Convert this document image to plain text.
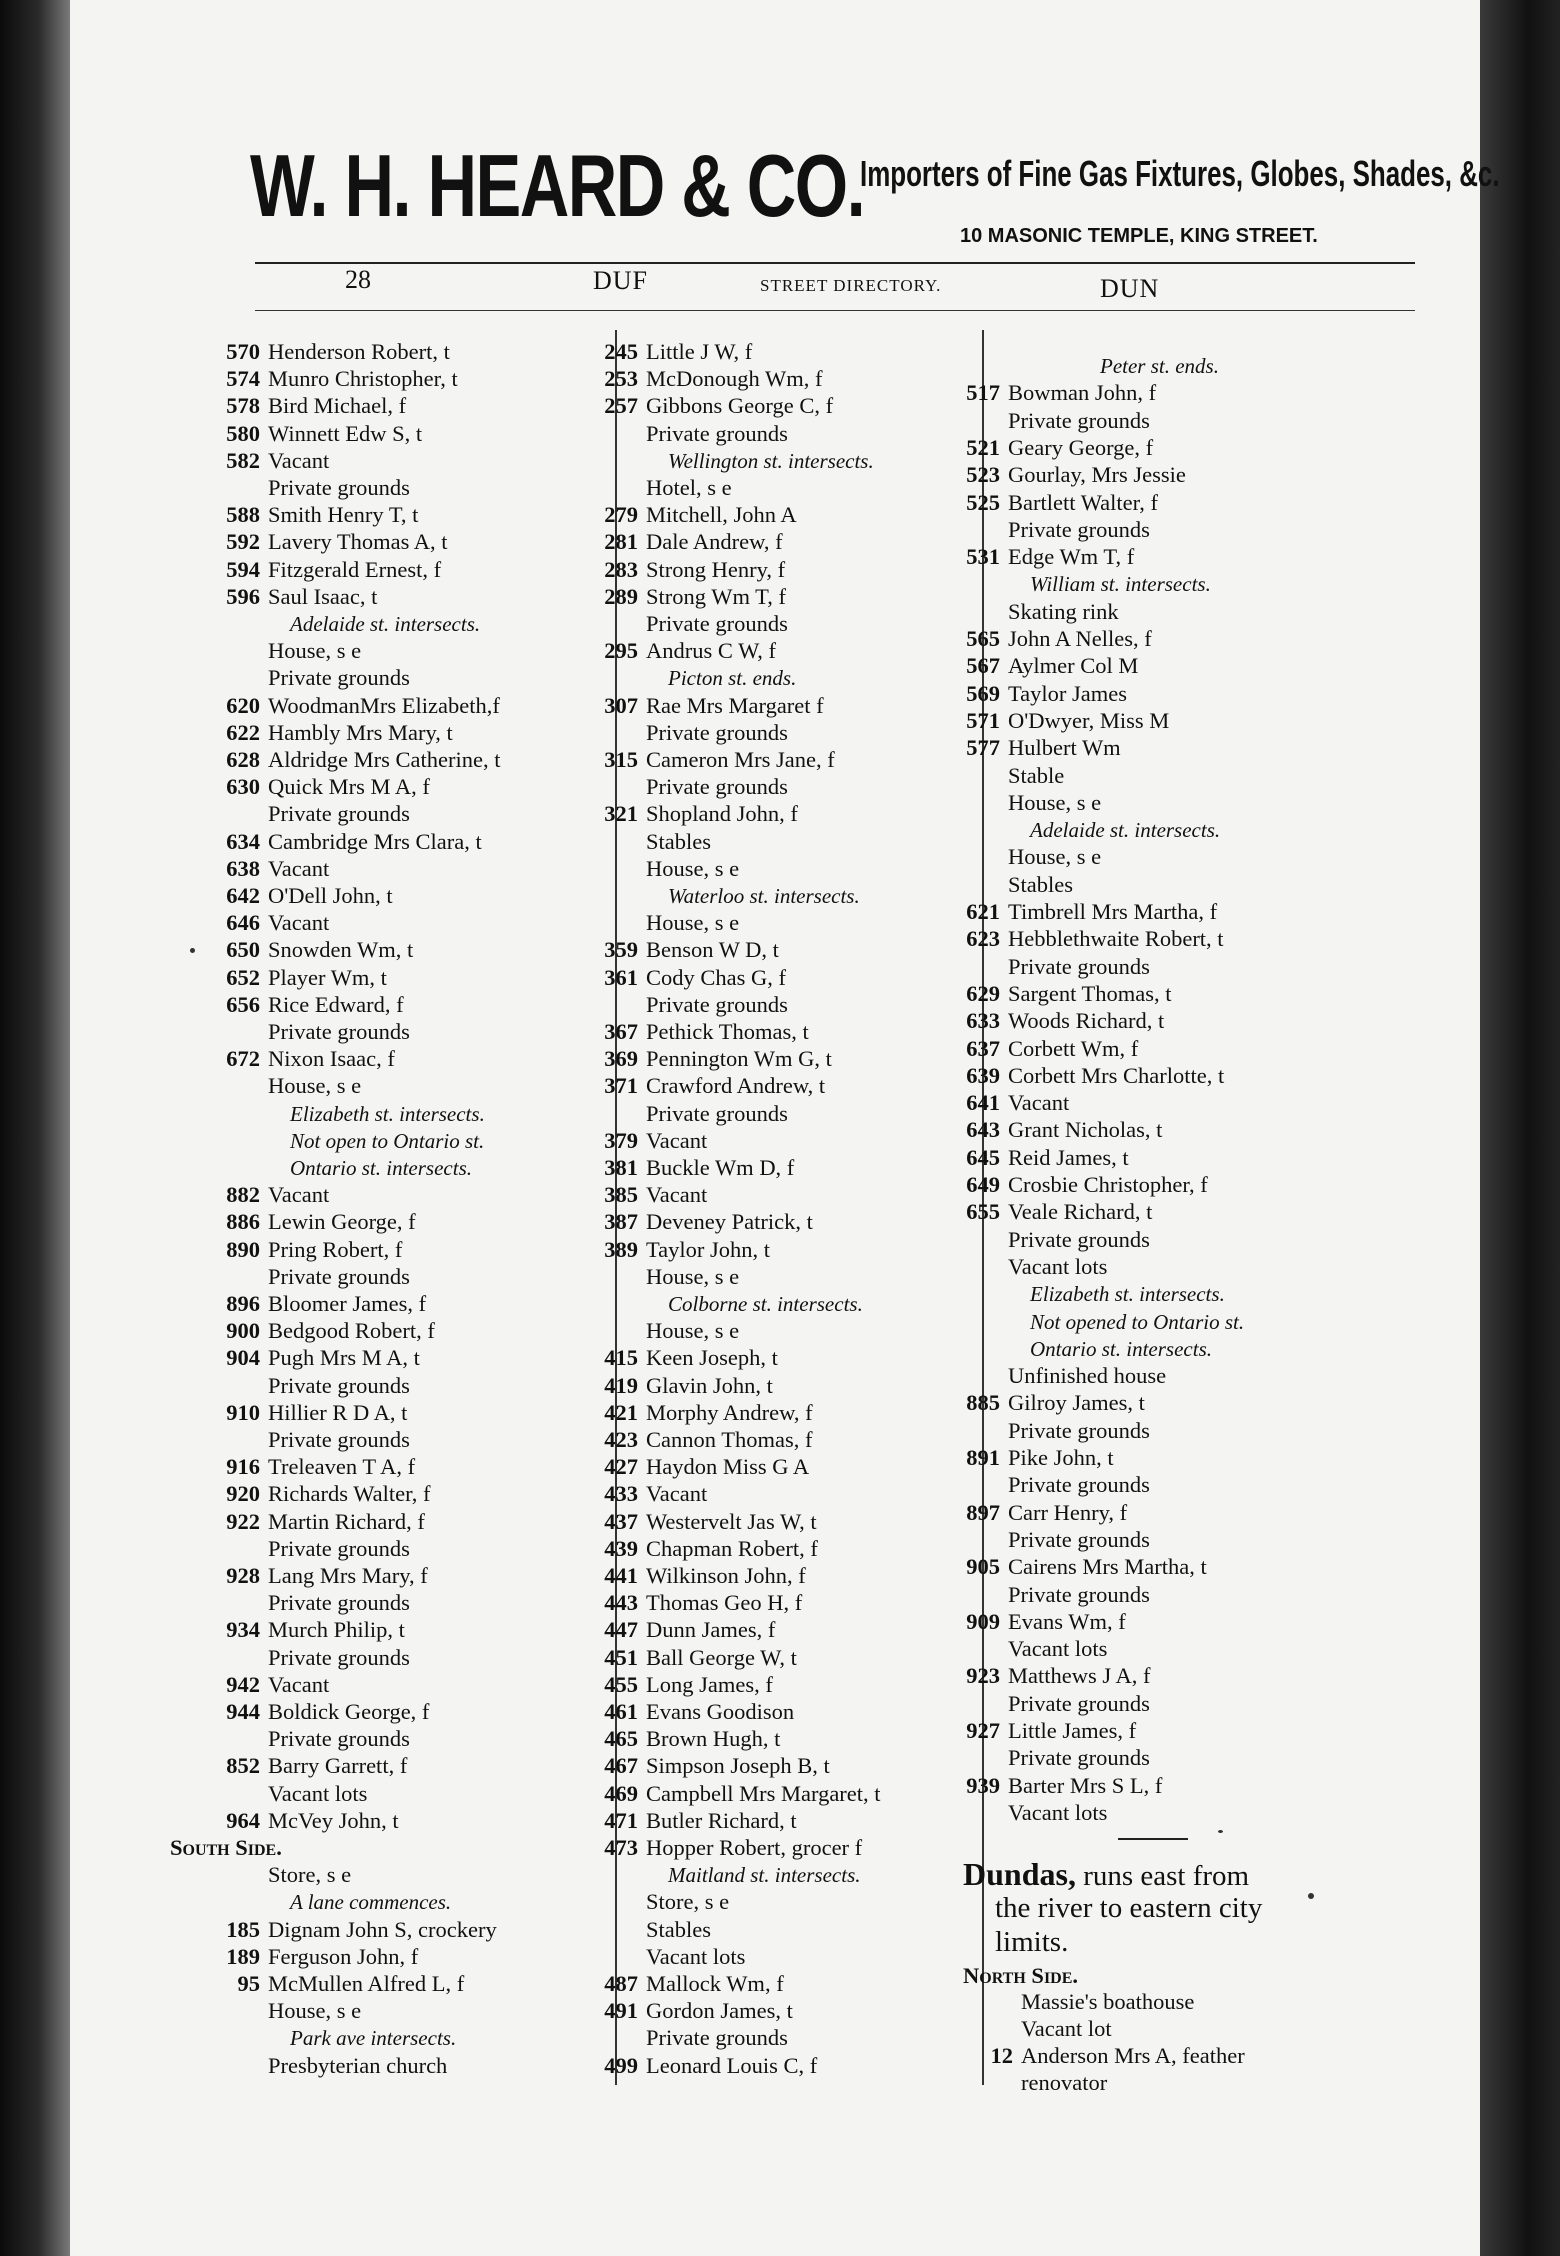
W. H. HEARD & CO.
Importers of Fine Gas Fixtures, Globes, Shades, &c.
10 MASONIC TEMPLE, KING STREET.
28	DUF	STREET DIRECTORY.	DUN
570 Henderson Robert, t
574 Munro Christopher, t
578 Bird Michael, f
580 Winnett Edw S, t
582 Vacant
Private grounds
588 Smith Henry T, t
592 Lavery Thomas A, t
594 Fitzgerald Ernest, f
596 Saul Isaac, t
Adelaide st. intersects.
House, s e
Private grounds
620 WoodmanMrs Elizabeth,f
622 Hambly Mrs Mary, t
628 Aldridge Mrs Catherine, t
630 Quick Mrs M A, f
Private grounds
634 Cambridge Mrs Clara, t
638 Vacant
642 O'Dell John, t
646 Vacant
650 Snowden Wm, t
652 Player Wm, t
656 Rice Edward, f
Private grounds
672 Nixon Isaac, f
House, s e
Elizabeth st. intersects.
Not open to Ontario st.
Ontario st. intersects.
882 Vacant
886 Lewin George, f
890 Pring Robert, f
Private grounds
896 Bloomer James, f
900 Bedgood Robert, f
904 Pugh Mrs M A, t
Private grounds
910 Hillier R D A, t
Private grounds
916 Treleaven T A, f
920 Richards Walter, f
922 Martin Richard, f
Private grounds
928 Lang Mrs Mary, f
Private grounds
934 Murch Philip, t
Private grounds
942 Vacant
944 Boldick George, f
Private grounds
852 Barry Garrett, f
Vacant lots
964 McVey John, t
South Side.
Store, s e
A lane commences.
185 Dignam John S, crockery
189 Ferguson John, f
95 McMullen Alfred L, f
House, s e
Park ave intersects.
Presbyterian church
245 Little J W, f
253 McDonough Wm, f
257 Gibbons George C, f
Private grounds
Wellington st. intersects.
Hotel, s e
279 Mitchell, John A
281 Dale Andrew, f
283 Strong Henry, f
289 Strong Wm T, f
Private grounds
295 Andrus C W, f
Picton st. ends.
307 Rae Mrs Margaret f
Private grounds
315 Cameron Mrs Jane, f
Private grounds
321 Shopland John, f
Stables
House, s e
Waterloo st. intersects.
House, s e
359 Benson W D, t
361 Cody Chas G, f
Private grounds
367 Pethick Thomas, t
369 Pennington Wm G, t
371 Crawford Andrew, t
Private grounds
379 Vacant
381 Buckle Wm D, f
385 Vacant
387 Deveney Patrick, t
389 Taylor John, t
House, s e
Colborne st. intersects.
House, s e
415 Keen Joseph, t
419 Glavin John, t
421 Morphy Andrew, f
423 Cannon Thomas, f
427 Haydon Miss G A
433 Vacant
437 Westervelt Jas W, t
439 Chapman Robert, f
441 Wilkinson John, f
443 Thomas Geo H, f
447 Dunn James, f
451 Ball George W, t
455 Long James, f
461 Evans Goodison
465 Brown Hugh, t
467 Simpson Joseph B, t
469 Campbell Mrs Margaret, t
471 Butler Richard, t
473 Hopper Robert, grocer f
Maitland st. intersects.
Store, s e
Stables
Vacant lots
487 Mallock Wm, f
491 Gordon James, t
Private grounds
499 Leonard Louis C, f
Peter st. ends.
517 Bowman John, f
Private grounds
521 Geary George, f
523 Gourlay, Mrs Jessie
525 Bartlett Walter, f
Private grounds
531 Edge Wm T, f
William st. intersects.
Skating rink
565 John A Nelles, f
567 Aylmer Col M
569 Taylor James
571 O'Dwyer, Miss M
577 Hulbert Wm
Stable
House, s e
Adelaide st. intersects.
House, s e
Stables
621 Timbrell Mrs Martha, f
623 Hebblethwaite Robert, t
Private grounds
629 Sargent Thomas, t
633 Woods Richard, t
637 Corbett Wm, f
639 Corbett Mrs Charlotte, t
641 Vacant
643 Grant Nicholas, t
645 Reid James, t
649 Crosbie Christopher, f
655 Veale Richard, t
Private grounds
Vacant lots
Elizabeth st. intersects.
Not opened to Ontario st.
Ontario st. intersects.
Unfinished house
885 Gilroy James, t
Private grounds
891 Pike John, t
Private grounds
897 Carr Henry, f
Private grounds
905 Cairens Mrs Martha, t
Private grounds
909 Evans Wm, f
Vacant lots
923 Matthews J A, f
Private grounds
927 Little James, f
Private grounds
939 Barter Mrs S L, f
Vacant lots
Dundas, runs east from
the river to eastern city
limits.
North Side.
Massie's boathouse
Vacant lot
12 Anderson Mrs A, feather
renovator
